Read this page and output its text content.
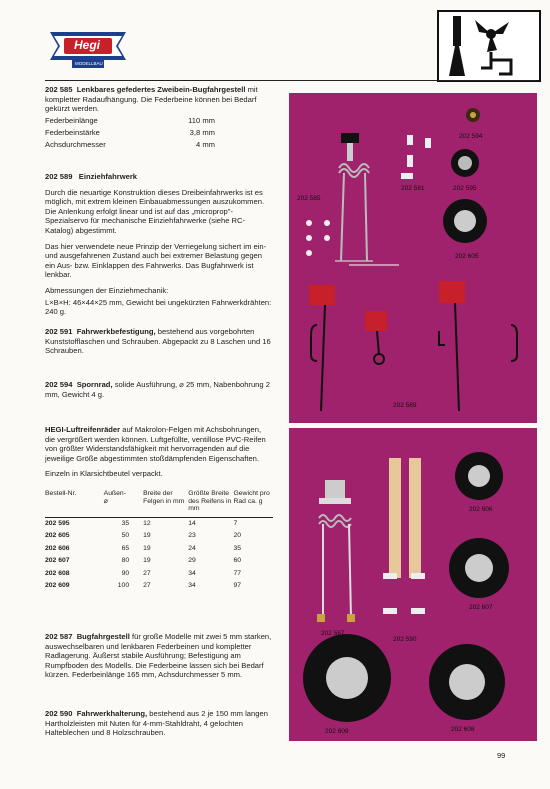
Hegi
MODELLBAU

202 585 Lenkbares gefedertes Zweibein-Bugfahrgestell mit kompletter Radaufhängung. Die Federbeine können bei Bedarf gekürzt werden.

Federbeinlänge	110 mm
Federbeinstärke	3,8 mm
Achsdurchmesser	4 mm

202 589 Einziehfahrwerk

Durch die neuartige Konstruktion dieses Dreibeinfahrwerks ist es möglich, mit extrem kleinen Einbauabmessungen auszukommen. Die Anlenkung erfolgt linear und ist auf das „microprop"-Spezialservo für mechanische Einziehfahrwerke (siehe RC-Katalog) abgestimmt.

Das hier verwendete neue Prinzip der Verriegelung sichert im ein- und ausgefahrenen Zustand auch bei extremer Belastung gegen ein Aus- bzw. Einklappen des Fahrwerks. Das Bugfahrwerk ist lenkbar.

Abmessungen der Einziehmechanik:

L×B×H: 46×44×25 mm, Gewicht bei ungekürzten Fahrwerkdrähten: 240 g.

202 591 Fahrwerkbefestigung, bestehend aus vorgebohrten Kunststofflaschen und Schrauben. Abgepackt zu 8 Laschen und 16 Schrauben.

202 594 Spornrad, solide Ausführung, ⌀ 25 mm, Nabenbohrung 2 mm, Gewicht 4 g.

HEGI-Luftreifenräder auf Makrolon-Felgen mit Achsbohrungen, die vergrößert werden können. Luftgefüllte, ventillose PVC-Reifen von größter Widerstandsfähigkeit mit hervorragenden auf die jeweilige Größe abgestimmten stoßdämpfenden Eigenschaften.

Einzeln in Klarsichtbeutel verpackt.

Bestell-Nr.	Außen-
⌀	Breite der Felgen in mm	Größte Breite des Reifens in mm	Gewicht pro Rad ca. g
202 595	35	12	14	7
202 605	50	19	23	20
202 606	65	19	24	35
202 607	80	19	29	60
202 608	90	27	34	77
202 609	100	27	34	97

202 587 Bugfahrgestell für große Modelle mit zwei 5 mm starken, auswechselbaren und lenkbaren Federbeinen und kompletter Radlagerung. Äußerst stabile Ausführung; Befestigung am Rumpfboden des Modells. Die Federbeine lassen sich bei Bedarf kürzen. Federbeinlänge 165 mm, Achsdurchmesser 5 mm.

202 590 Fahrwerkhalterung, bestehend aus 2 je 150 mm langen Hartholzleisten mit Nuten für 4-mm-Stahldraht, 4 gelochten Halteblechen und 8 Holzschrauben.

202 594
202 585
202 591	202 595
202 605
202 589
202 606
202 607
202 587
202 590
202 609	202 608
99
